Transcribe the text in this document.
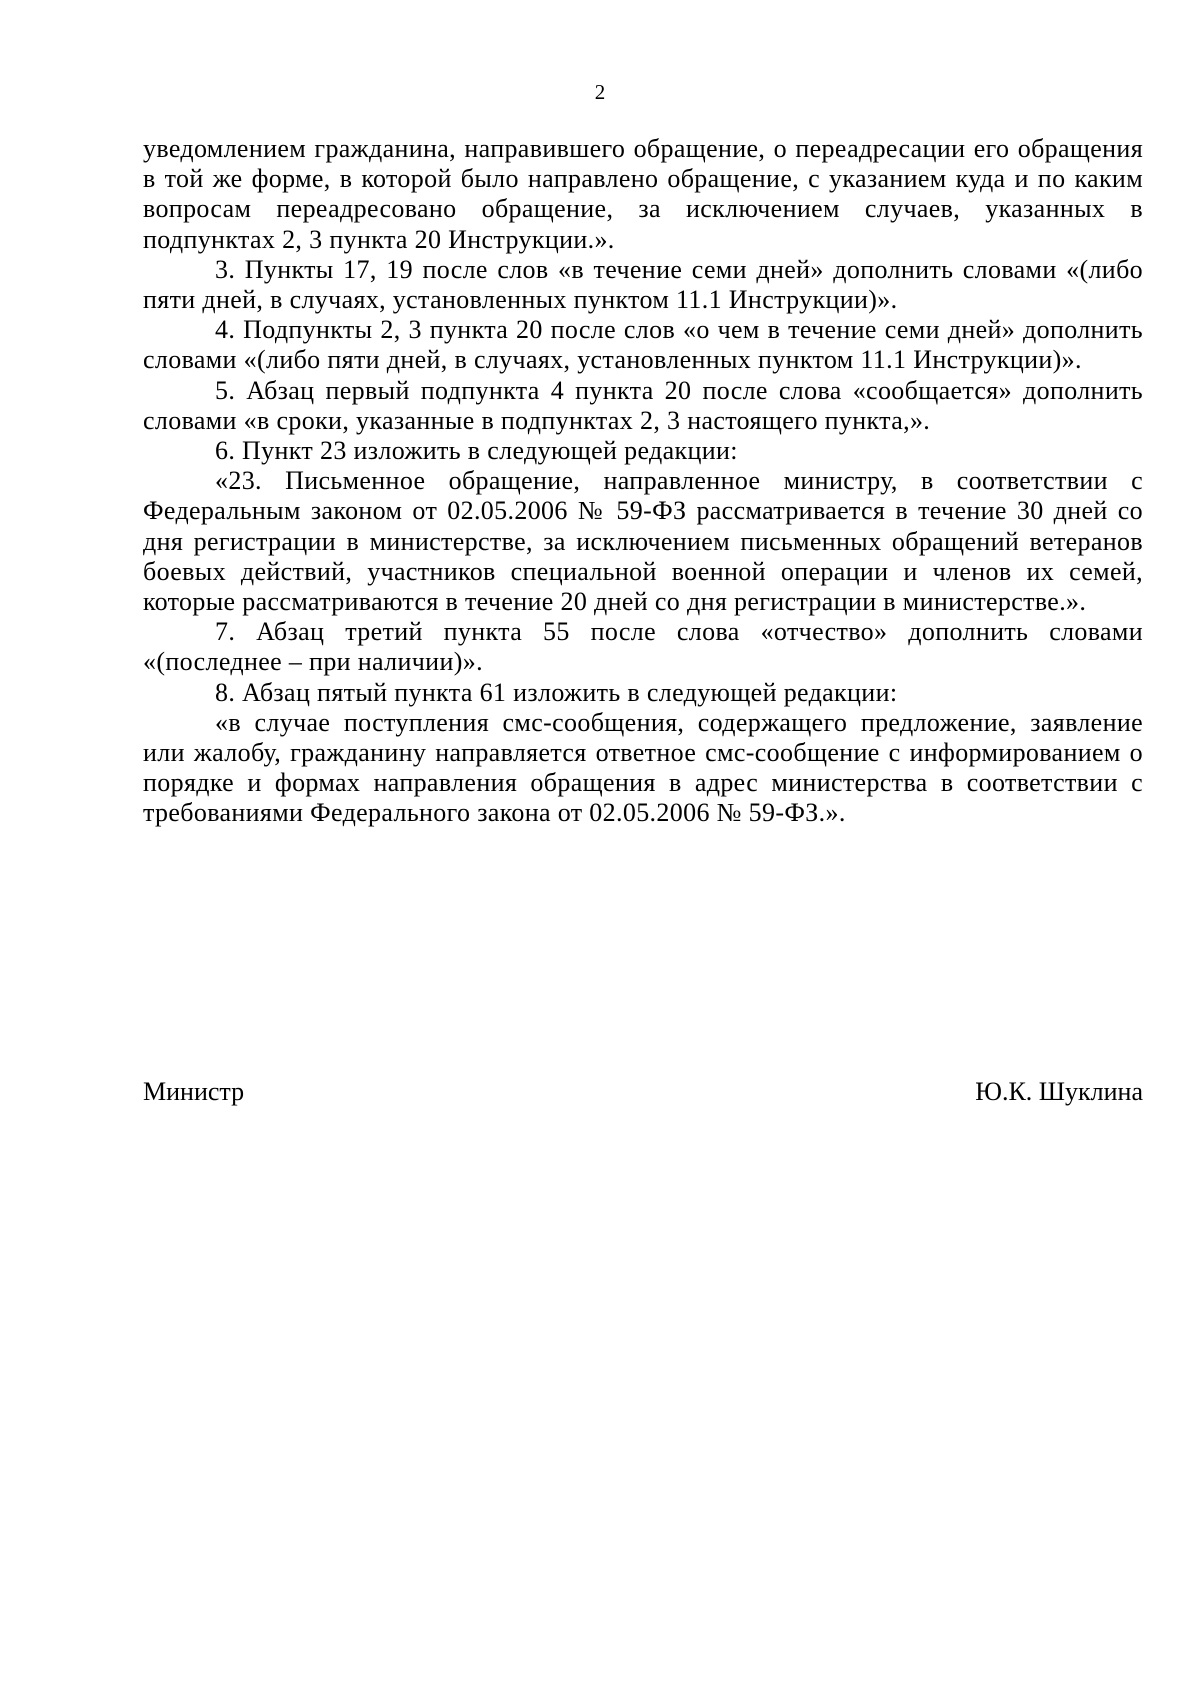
2

уведомлением гражданина, направившего обращение, о переадресации его обращения в той же форме, в которой было направлено обращение, с указанием куда и по каким вопросам переадресовано обращение, за исключением случаев, указанных в подпунктах 2, 3 пункта 20 Инструкции.».

3. Пункты 17, 19 после слов «в течение семи дней» дополнить словами «(либо пяти дней, в случаях, установленных пунктом 11.1 Инструкции)».

4. Подпункты 2, 3 пункта 20 после слов «о чем в течение семи дней» дополнить словами «(либо пяти дней, в случаях, установленных пунктом 11.1 Инструкции)».

5. Абзац первый подпункта 4 пункта 20 после слова «сообщается» дополнить словами «в сроки, указанные в подпунктах 2, 3 настоящего пункта,».

6. Пункт 23 изложить в следующей редакции:

«23. Письменное обращение, направленное министру, в соответствии с Федеральным законом от 02.05.2006 № 59-ФЗ рассматривается в течение 30 дней со дня регистрации в министерстве, за исключением письменных обращений ветеранов боевых действий, участников специальной военной операции и членов их семей, которые рассматриваются в течение 20 дней со дня регистрации в министерстве.».

7. Абзац третий пункта 55 после слова «отчество» дополнить словами «(последнее – при наличии)».

8. Абзац пятый пункта 61 изложить в следующей редакции:

«в случае поступления смс-сообщения, содержащего предложение, заявление или жалобу, гражданину направляется ответное смс-сообщение с информированием о порядке и формах направления обращения в адрес министерства в соответствии с требованиями Федерального закона от 02.05.2006 № 59-ФЗ.».

Министр	Ю.К. Шуклина
